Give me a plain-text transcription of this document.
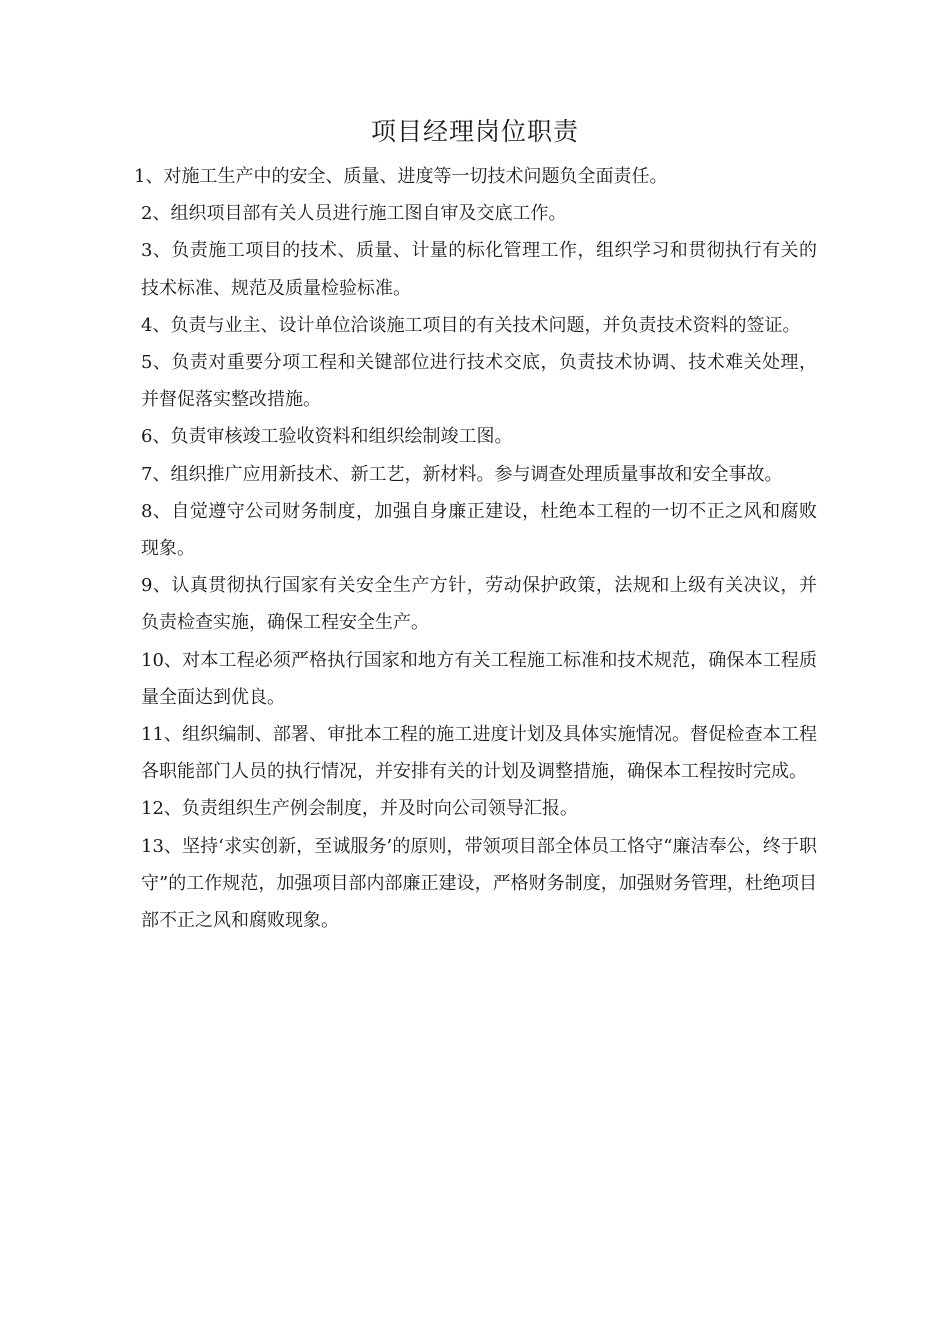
项目经理岗位职责
1、对施工生产中的安全、质量、进度等一切技术问题负全面责任。
2、组织项目部有关人员进行施工图自审及交底工作。
3、负责施工项目的技术、质量、计量的标化管理工作，组织学习和贯彻执行有关的技术标准、规范及质量检验标准。
4、负责与业主、设计单位洽谈施工项目的有关技术问题，并负责技术资料的签证。
5、负责对重要分项工程和关键部位进行技术交底，负责技术协调、技术难关处理，并督促落实整改措施。
6、负责审核竣工验收资料和组织绘制竣工图。
7、组织推广应用新技术、新工艺，新材料。参与调查处理质量事故和安全事故。
8、自觉遵守公司财务制度，加强自身廉正建设，杜绝本工程的一切不正之风和腐败现象。
9、认真贯彻执行国家有关安全生产方针，劳动保护政策，法规和上级有关决议，并负责检查实施，确保工程安全生产。
10、对本工程必须严格执行国家和地方有关工程施工标准和技术规范，确保本工程质量全面达到优良。
11、组织编制、部署、审批本工程的施工进度计划及具体实施情况。督促检查本工程各职能部门人员的执行情况，并安排有关的计划及调整措施，确保本工程按时完成。
12、负责组织生产例会制度，并及时向公司领导汇报。
13、坚持‘求实创新，至诚服务’的原则，带领项目部全体员工恪守“廉洁奉公，终于职守”的工作规范，加强项目部内部廉正建设，严格财务制度，加强财务管理，杜绝项目部不正之风和腐败现象。
